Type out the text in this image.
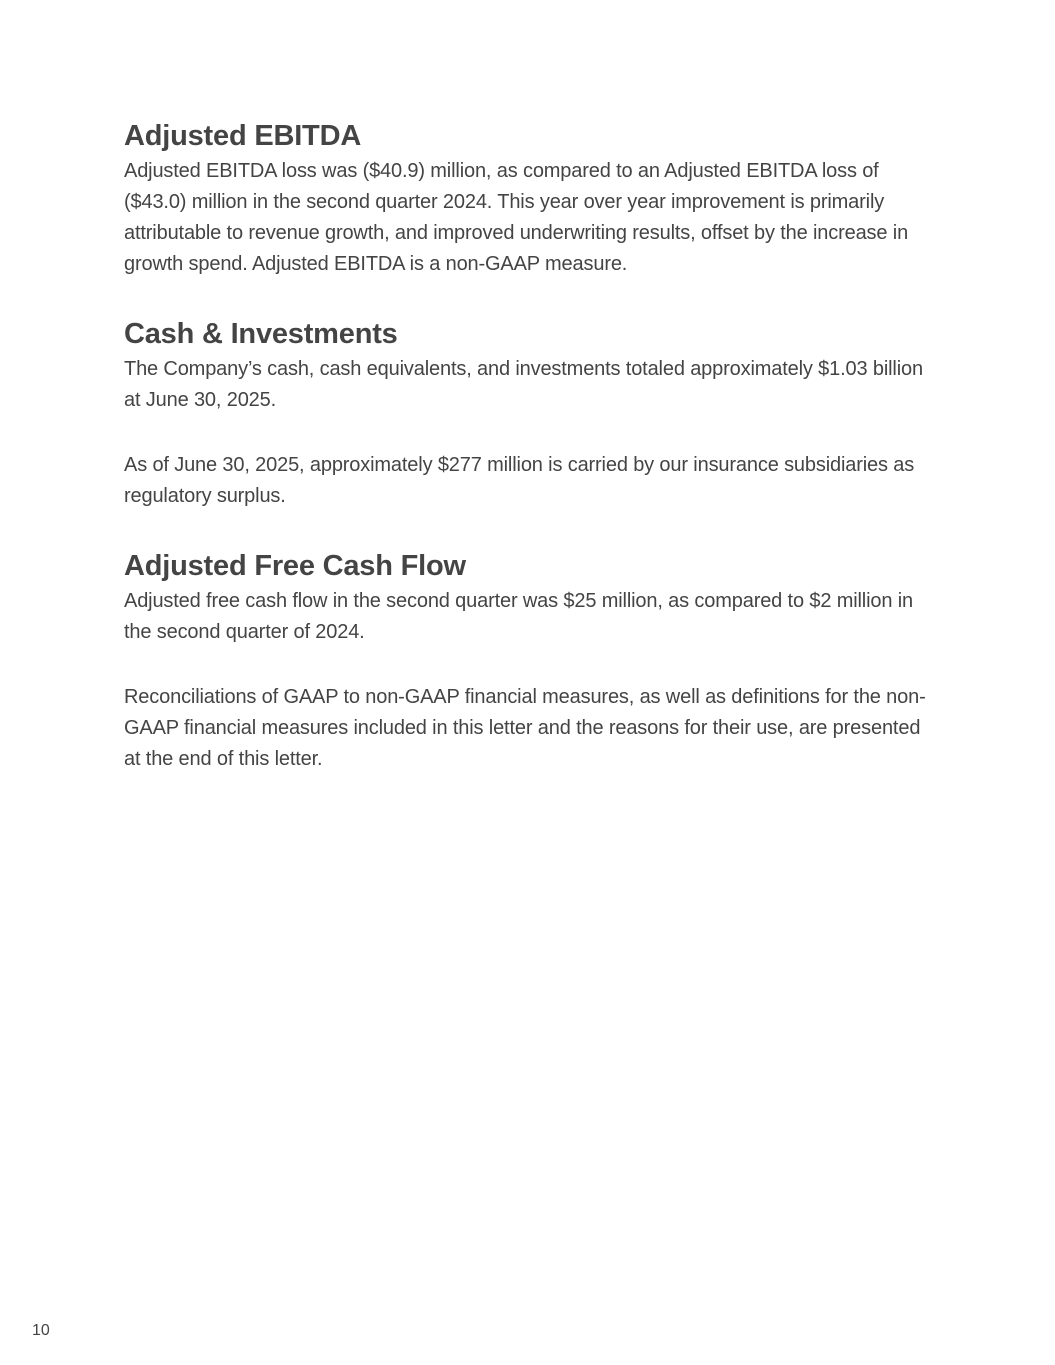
Adjusted EBITDA

Adjusted EBITDA loss was ($40.9) million, as compared to an Adjusted EBITDA loss of ($43.0) million in the second quarter 2024. This year over year improvement is primarily attributable to revenue growth, and improved underwriting results, offset by the increase in growth spend. Adjusted EBITDA is a non-GAAP measure.

Cash & Investments

The Company’s cash, cash equivalents, and investments totaled approximately $1.03 billion at June 30, 2025.

As of June 30, 2025, approximately $277 million is carried by our insurance subsidiaries as regulatory surplus.

Adjusted Free Cash Flow

Adjusted free cash flow in the second quarter was $25 million, as compared to $2 million in the second quarter of 2024.

Reconciliations of GAAP to non-GAAP financial measures, as well as definitions for the non-GAAP financial measures included in this letter and the reasons for their use, are presented at the end of this letter.

10
